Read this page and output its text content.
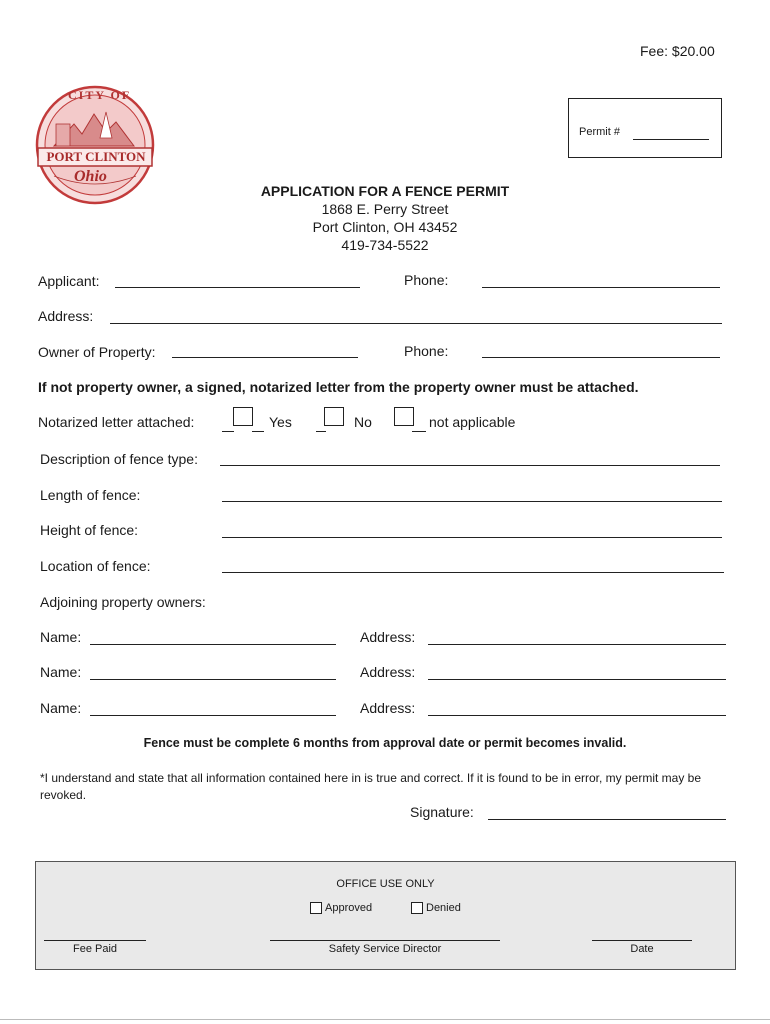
Fee: $20.00
Permit #
CITY OF
PORT CLINTON
Ohio
APPLICATION FOR A FENCE PERMIT
1868 E. Perry Street
Port Clinton, OH 43452
419-734-5522
Applicant:	Phone:
Address:
Owner of Property:	Phone:
If not property owner, a signed, notarized letter from the property owner must be attached.
Notarized letter attached:	Yes	No	not applicable
Description of fence type:
Length of fence:
Height of fence:
Location of fence:
Adjoining property owners:
Name:	Address:
Name:	Address:
Name:	Address:
Fence must be complete 6 months from approval date or permit becomes invalid.
*I understand and state that all information contained here in is true and correct. If it is found to be in error, my permit may be revoked.
Signature:
OFFICE USE ONLY
Approved	Denied
Fee Paid	Safety Service Director	Date
